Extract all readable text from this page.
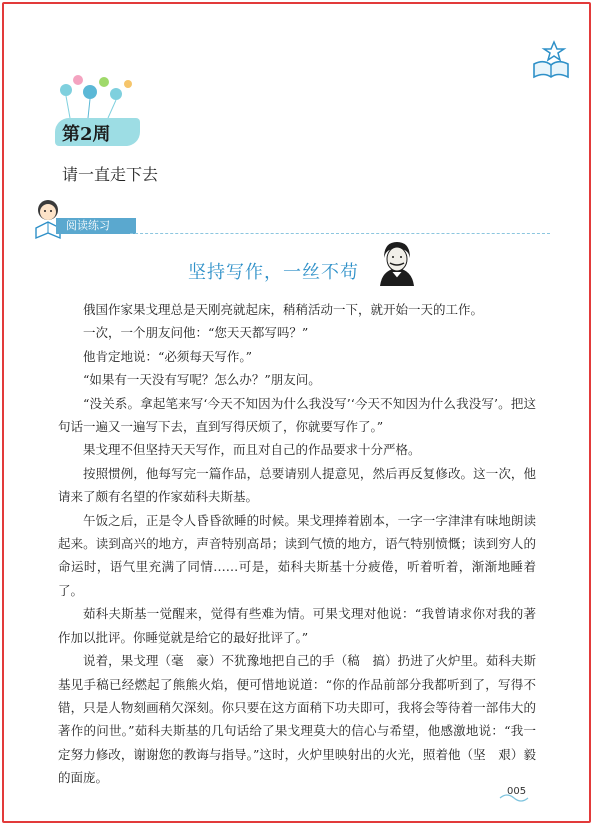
第2周
请一直走下去
阅读练习
坚持写作，一丝不苟

俄国作家果戈理总是天刚亮就起床，稍稍活动一下，就开始一天的工作。

一次，一个朋友问他：“您天天都写吗？”

他肯定地说：“必须每天写作。”

“如果有一天没有写呢？怎么办？”朋友问。

“没关系。拿起笔来写‘今天不知因为什么我没写’‘今天不知因为什么我没写’。把这句话一遍又一遍写下去，直到写得厌烦了，你就要写作了。”

果戈理不但坚持天天写作，而且对自己的作品要求十分严格。

按照惯例，他每写完一篇作品，总要请别人提意见，然后再反复修改。这一次，他请来了颇有名望的作家茹科夫斯基。

午饭之后，正是令人昏昏欲睡的时候。果戈理捧着剧本，一字一字津津有味地朗读起来。读到高兴的地方，声音特别高昂；读到气愤的地方，语气特别愤慨；读到穷人的命运时，语气里充满了同情……可是，茹科夫斯基十分疲倦，听着听着，渐渐地睡着了。

茹科夫斯基一觉醒来，觉得有些难为情。可果戈理对他说：“我曾请求你对我的著作加以批评。你睡觉就是给它的最好批评了。”

说着，果戈理（毫　豪）不犹豫地把自己的手（稿　搞）扔进了火炉里。茹科夫斯基见手稿已经燃起了熊熊火焰，便可惜地说道：“你的作品前部分我都听到了，写得不错，只是人物刻画稍欠深刻。你只要在这方面稍下功夫即可，我将会等待着一部伟大的著作的问世。”茹科夫斯基的几句话给了果戈理莫大的信心与希望，他感激地说：“我一定努力修改，谢谢您的教诲与指导。”这时，火炉里映射出的火光，照着他（坚　艰）毅的面庞。

005
